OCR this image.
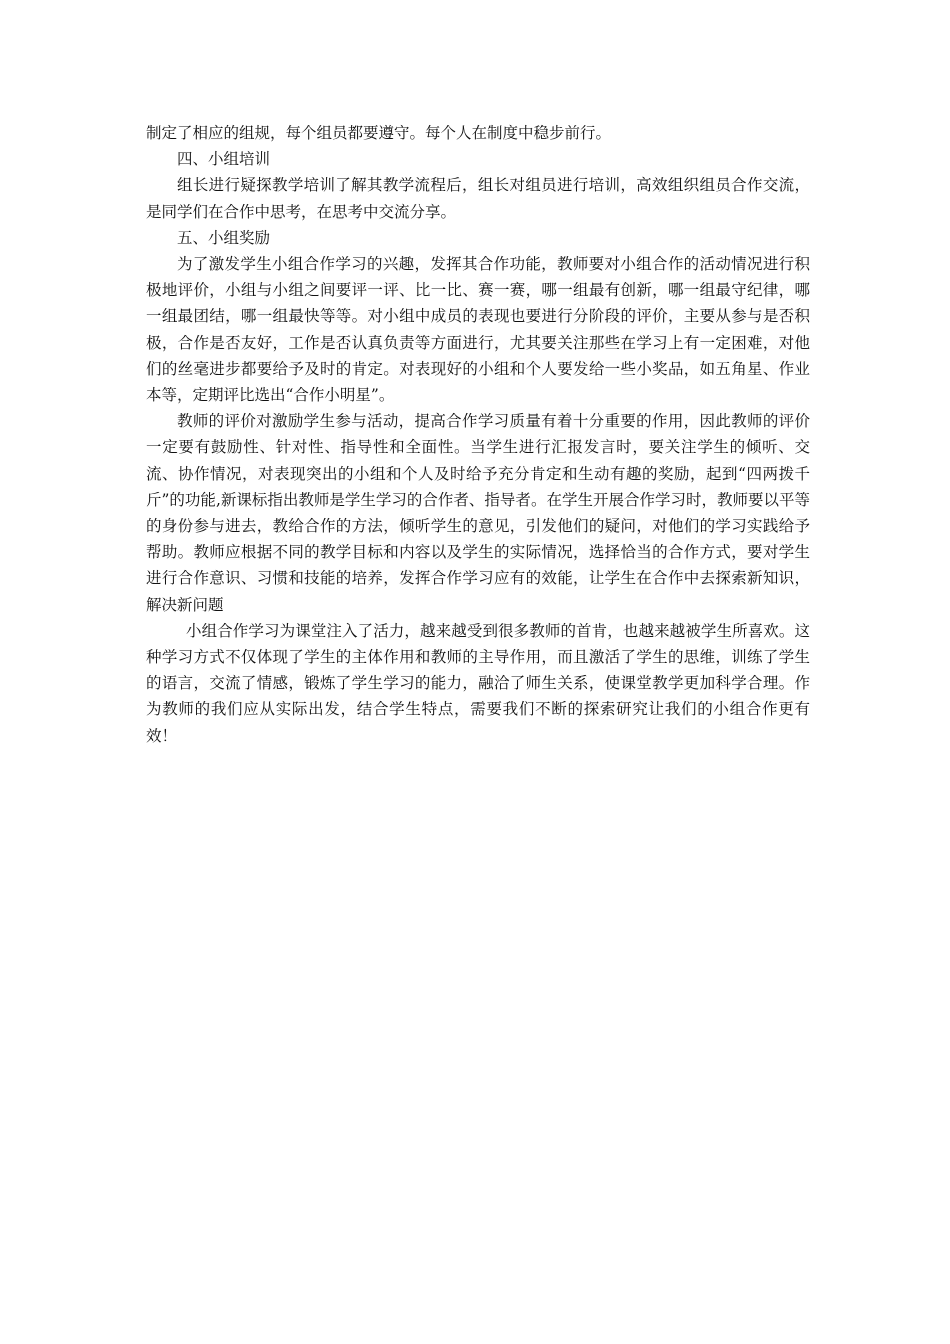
制定了相应的组规，每个组员都要遵守。每个人在制度中稳步前行。

四、小组培训

组长进行疑探教学培训了解其教学流程后，组长对组员进行培训，高效组织组员合作交流，是同学们在合作中思考，在思考中交流分享。

五、小组奖励

为了激发学生小组合作学习的兴趣，发挥其合作功能，教师要对小组合作的活动情况进行积极地评价，小组与小组之间要评一评、比一比、赛一赛，哪一组最有创新，哪一组最守纪律，哪一组最团结，哪一组最快等等。对小组中成员的表现也要进行分阶段的评价，主要从参与是否积极，合作是否友好，工作是否认真负责等方面进行，尤其要关注那些在学习上有一定困难，对他们的丝毫进步都要给予及时的肯定。对表现好的小组和个人要发给一些小奖品，如五角星、作业本等，定期评比选出“合作小明星”。

教师的评价对激励学生参与活动，提高合作学习质量有着十分重要的作用，因此教师的评价一定要有鼓励性、针对性、指导性和全面性。当学生进行汇报发言时，要关注学生的倾听、交流、协作情况，对表现突出的小组和个人及时给予充分肯定和生动有趣的奖励，起到“四两拨千斤”的功能,新课标指出教师是学生学习的合作者、指导者。在学生开展合作学习时，教师要以平等的身份参与进去，教给合作的方法，倾听学生的意见，引发他们的疑问，对他们的学习实践给予帮助。教师应根据不同的教学目标和内容以及学生的实际情况，选择恰当的合作方式，要对学生进行合作意识、习惯和技能的培养，发挥合作学习应有的效能，让学生在合作中去探索新知识，解决新问题

小组合作学习为课堂注入了活力，越来越受到很多教师的首肯，也越来越被学生所喜欢。这种学习方式不仅体现了学生的主体作用和教师的主导作用，而且激活了学生的思维，训练了学生的语言，交流了情感，锻炼了学生学习的能力，融洽了师生关系，使课堂教学更加科学合理。作为教师的我们应从实际出发，结合学生特点，需要我们不断的探索研究让我们的小组合作更有效！
